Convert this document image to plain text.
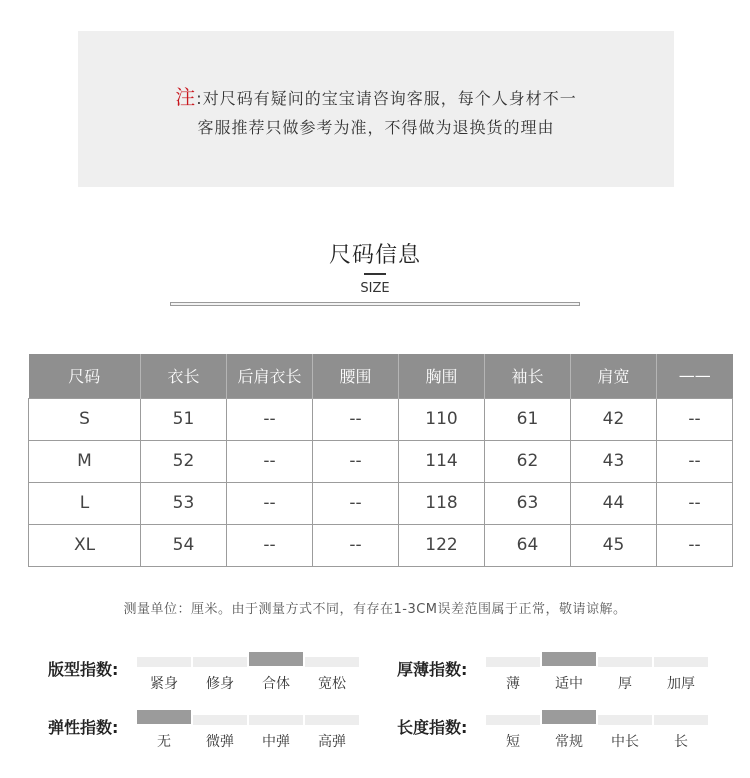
注:对尺码有疑问的宝宝请咨询客服，每个人身材不一
客服推荐只做参考为准，不得做为退换货的理由
尺码信息
SIZE
尺码	衣长	后肩衣长	腰围	胸围	袖长	肩宽	——
S	51	--	--	110	61	42	--
M	52	--	--	114	62	43	--
L	53	--	--	118	63	44	--
XL	54	--	--	122	64	45	--
测量单位：厘米。由于测量方式不同，有存在1-3CM误差范围属于正常，敬请谅解。
版型指数:
紧身	修身	合体	宽松
厚薄指数:
薄	适中	厚	加厚
弹性指数:
无	微弹	中弹	高弹
长度指数:
短	常规	中长	长
